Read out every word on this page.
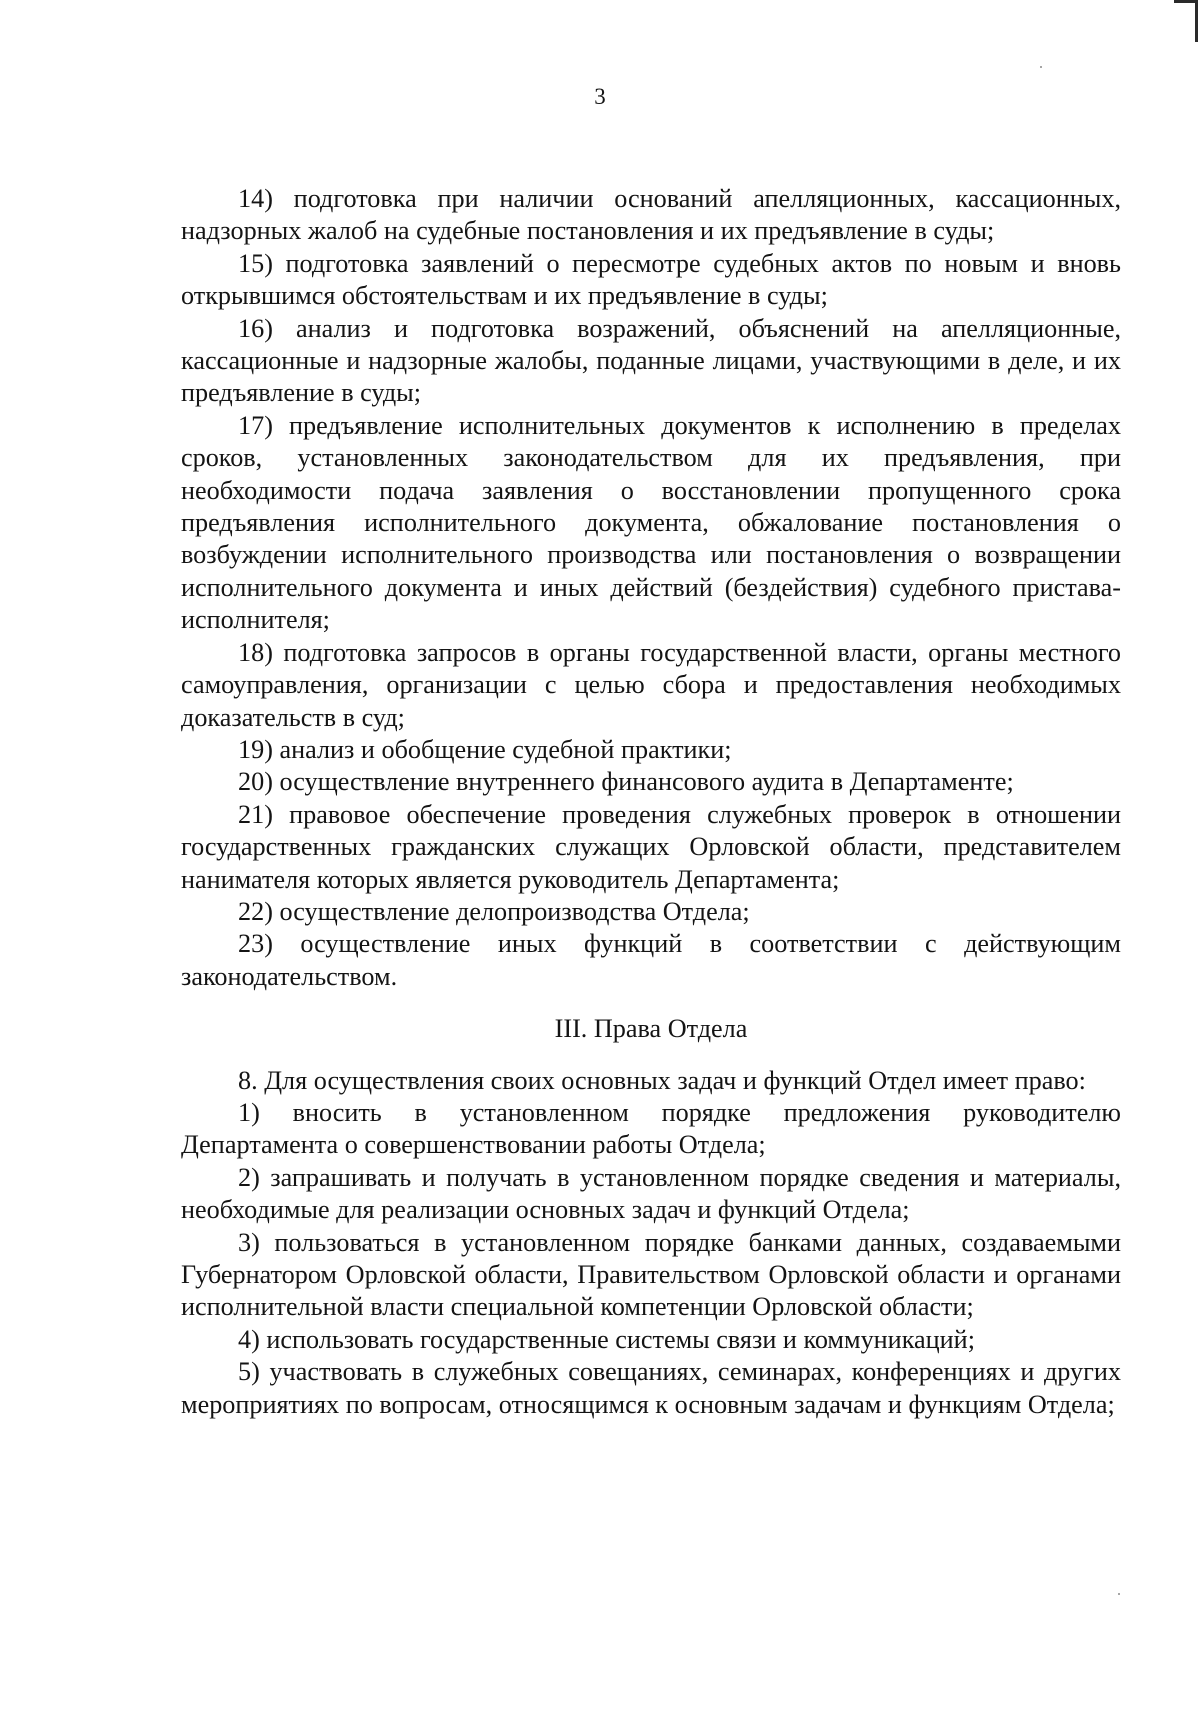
3

14) подготовка при наличии оснований апелляционных, кассационных, надзорных жалоб на судебные постановления и их предъявление в суды;

15) подготовка заявлений о пересмотре судебных актов по новым и вновь открывшимся обстоятельствам и их предъявление в суды;

16) анализ и подготовка возражений, объяснений на апелляционные, кассационные и надзорные жалобы, поданные лицами, участвующими в деле, и их предъявление в суды;

17) предъявление исполнительных документов к исполнению в пределах сроков, установленных законодательством для их предъявления, при необходимости подача заявления о восстановлении пропущенного срока предъявления исполнительного документа, обжалование постановления о возбуждении исполнительного производства или постановления о возвращении исполнительного документа и иных действий (бездействия) судебного пристава-исполнителя;

18) подготовка запросов в органы государственной власти, органы местного самоуправления, организации с целью сбора и предоставления необходимых доказательств в суд;

19) анализ и обобщение судебной практики;

20) осуществление внутреннего финансового аудита в Департаменте;

21) правовое обеспечение проведения служебных проверок в отношении государственных гражданских служащих Орловской области, представителем нанимателя которых является руководитель Департамента;

22) осуществление делопроизводства Отдела;

23) осуществление иных функций в соответствии с действующим законодательством.

III. Права Отдела

8. Для осуществления своих основных задач и функций Отдел имеет право:

1) вносить в установленном порядке предложения руководителю Департамента о совершенствовании работы Отдела;

2) запрашивать и получать в установленном порядке сведения и материалы, необходимые для реализации основных задач и функций Отдела;

3) пользоваться в установленном порядке банками данных, создаваемыми Губернатором Орловской области, Правительством Орловской области и органами исполнительной власти специальной компетенции Орловской области;

4) использовать государственные системы связи и коммуникаций;

5) участвовать в служебных совещаниях, семинарах, конференциях и других мероприятиях по вопросам, относящимся к основным задачам и функциям Отдела;
